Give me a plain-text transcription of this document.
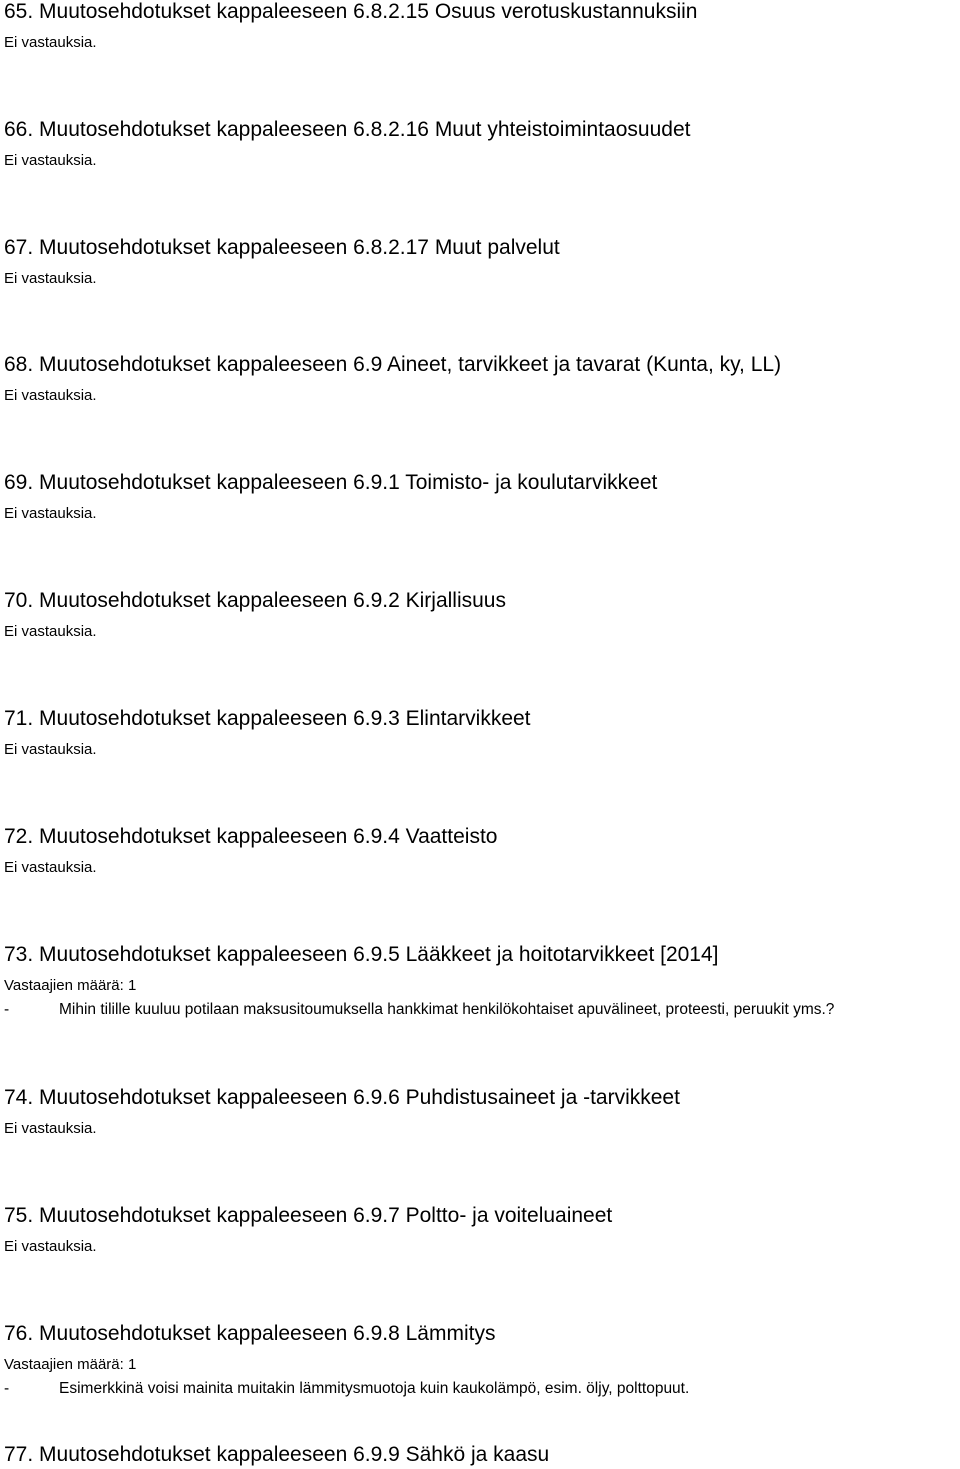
65. Muutosehdotukset kappaleeseen 6.8.2.15 Osuus verotuskustannuksiin
Ei vastauksia.
66. Muutosehdotukset kappaleeseen 6.8.2.16 Muut yhteistoimintaosuudet
Ei vastauksia.
67. Muutosehdotukset kappaleeseen 6.8.2.17 Muut palvelut
Ei vastauksia.
68. Muutosehdotukset kappaleeseen 6.9 Aineet, tarvikkeet ja tavarat (Kunta, ky, LL)
Ei vastauksia.
69. Muutosehdotukset kappaleeseen 6.9.1 Toimisto- ja koulutarvikkeet
Ei vastauksia.
70. Muutosehdotukset kappaleeseen 6.9.2 Kirjallisuus
Ei vastauksia.
71. Muutosehdotukset kappaleeseen 6.9.3 Elintarvikkeet
Ei vastauksia.
72. Muutosehdotukset kappaleeseen 6.9.4 Vaatteisto
Ei vastauksia.
73. Muutosehdotukset kappaleeseen 6.9.5 Lääkkeet ja hoitotarvikkeet [2014]
Vastaajien määrä: 1
-	Mihin tilille kuuluu potilaan maksusitoumuksella hankkimat henkilökohtaiset apuvälineet, proteesti, peruukit yms.?
74. Muutosehdotukset kappaleeseen 6.9.6 Puhdistusaineet ja -tarvikkeet
Ei vastauksia.
75. Muutosehdotukset kappaleeseen 6.9.7 Poltto- ja voiteluaineet
Ei vastauksia.
76. Muutosehdotukset kappaleeseen 6.9.8 Lämmitys
Vastaajien määrä: 1
-	Esimerkkinä voisi mainita muitakin lämmitysmuotoja kuin kaukolämpö, esim. öljy, polttopuut.
77. Muutosehdotukset kappaleeseen 6.9.9 Sähkö ja kaasu
